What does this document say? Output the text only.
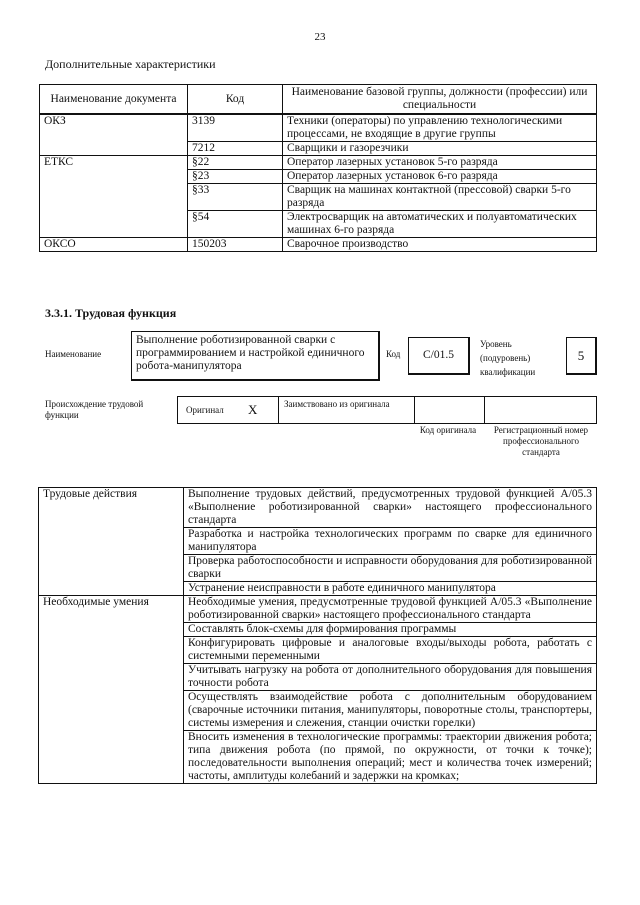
23
Дополнительные характеристики
Наименование документа	Код	Наименование базовой группы, должности (профессии) или специальности
ОКЗ	3139	Техники (операторы) по управлению технологическими процессами, не входящие в другие группы
	7212	Сварщики и газорезчики
ЕТКС	§22	Оператор лазерных установок 5-го разряда
	§23	Оператор лазерных установок 6-го разряда
	§33	Сварщик на машинах контактной (прессовой) сварки 5-го разряда
	§54	Электросварщик на автоматических и полуавтоматических машинах 6-го разряда
ОКСО	150203	Сварочное производство
3.3.1. Трудовая функция
Наименование
Выполнение роботизированной сварки с программированием и настройкой единичного робота-манипулятора
Код	C/01.5
Уровень (подуровень) квалификации
5
Происхождение трудовой функции	Оригинал X	Заимствовано из оригинала
Код оригинала	Регистрационный номер профессионального стандарта
Трудовые действия	Выполнение трудовых действий, предусмотренных трудовой функцией А/05.3 «Выполнение роботизированной сварки» настоящего профессионального стандарта
	Разработка и настройка технологических программ по сварке для единичного манипулятора
	Проверка работоспособности и исправности оборудования для роботизированной сварки
	Устранение неисправности в работе единичного манипулятора
Необходимые умения	Необходимые умения, предусмотренные трудовой функцией А/05.3 «Выполнение роботизированной сварки» настоящего профессионального стандарта
	Составлять блок-схемы для формирования программы
	Конфигурировать цифровые и аналоговые входы/выходы робота, работать с системными переменными
	Учитывать нагрузку на робота от дополнительного оборудования для повышения точности робота
	Осуществлять взаимодействие робота с дополнительным оборудованием (сварочные источники питания, манипуляторы, поворотные столы, транспортеры, системы измерения и слежения, станции очистки горелки)
	Вносить изменения в технологические программы: траектории движения робота; типа движения робота (по прямой, по окружности, от точки к точке); последовательности выполнения операций; мест и количества точек измерений; частоты, амплитуды колебаний и задержки на кромках;
